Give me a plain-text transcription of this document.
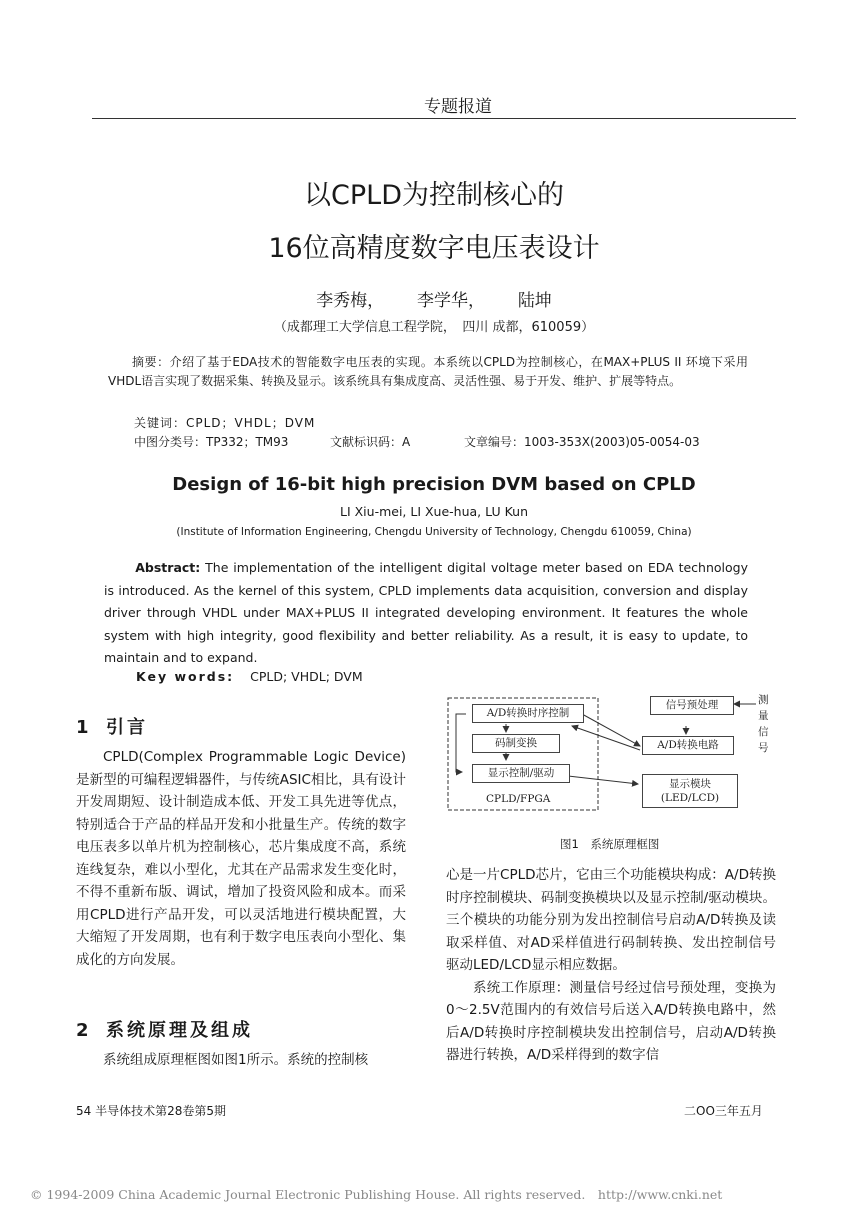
专题报道
以CPLD为控制核心的
16位高精度数字电压表设计
李秀梅， 李学华， 陆坤
（成都理工大学信息工程学院，　四川 成都，610059）
摘要：介绍了基于EDA技术的智能数字电压表的实现。本系统以CPLD为控制核心，在MAX+PLUS II 环境下采用VHDL语言实现了数据采集、转换及显示。该系统具有集成度高、灵活性强、易于开发、维护、扩展等特点。
关键词：CPLD；VHDL；DVM
中图分类号：TP332；TM93	文献标识码：A	文章编号：1003-353X(2003)05-0054-03
Design of 16-bit high precision DVM based on CPLD
LI Xiu-mei, LI Xue-hua, LU Kun
(Institute of Information Engineering, Chengdu University of Technology, Chengdu 610059, China)
Abstract: The implementation of the intelligent digital voltage meter based on EDA technology is introduced. As the kernel of this system, CPLD implements data acquisition, conversion and display driver through VHDL under MAX+PLUS II integrated developing environment. It features the whole system with high integrity, good flexibility and better reliability. As a result, it is easy to update, to maintain and to expand.
Key words: CPLD; VHDL; DVM
1 引言

CPLD(Complex Programmable Logic Device)是新型的可编程逻辑器件，与传统ASIC相比，具有设计开发周期短、设计制造成本低、开发工具先进等优点，特别适合于产品的样品开发和小批量生产。传统的数字电压表多以单片机为控制核心，芯片集成度不高，系统连线复杂，难以小型化，尤其在产品需求发生变化时，不得不重新布版、调试，增加了投资风险和成本。而采用CPLD进行产品开发，可以灵活地进行模块配置，大大缩短了开发周期，也有利于数字电压表向小型化、集成化的方向发展。

2 系统原理及组成

系统组成原理框图如图1所示。系统的控制核

A/D转换时序控制
码制变换
显示控制/驱动
CPLD/FPGA
信号预处理
A/D转换电路
显示模块
(LED/LCD)
测量信号
图1　系统原理框图

心是一片CPLD芯片，它由三个功能模块构成：A/D转换时序控制模块、码制变换模块以及显示控制/驱动模块。三个模块的功能分别为发出控制信号启动A/D转换及读取采样值、对AD采样值进行码制转换、发出控制信号驱动LED/LCD显示相应数据。

系统工作原理：测量信号经过信号预处理，变换为0～2.5V范围内的有效信号后送入A/D转换电路中，然后A/D转换时序控制模块发出控制信号，启动A/D转换器进行转换，A/D采样得到的数字信

54 半导体技术第28卷第5期	二OO三年五月
© 1994-2009 China Academic Journal Electronic Publishing House. All rights reserved.　http://www.cnki.net
